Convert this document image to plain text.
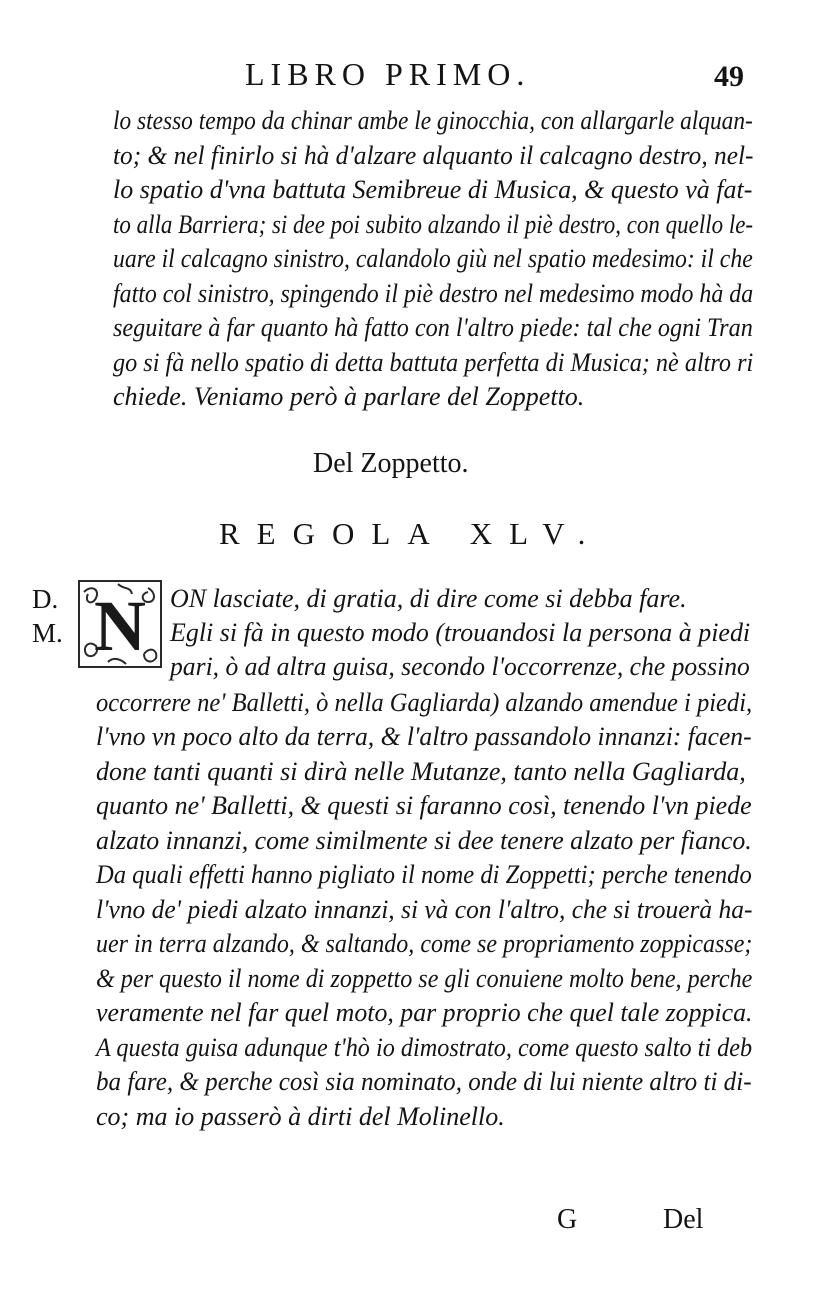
LIBRO PRIMO.	49
lo stesso tempo da chinar ambe le ginocchia, con allargarle alquan-
to; & nel finirlo si hà d'alzare alquanto il calcagno destro, nel-
lo spatio d'vna battuta Semibreue di Musica, & questo và fat-
to alla Barriera; si dee poi subito alzando il piè destro, con quello le-
uare il calcagno sinistro, calandolo giù nel spatio medesimo: il che
fatto col sinistro, spingendo il piè destro nel medesimo modo hà da
seguitare à far quanto hà fatto con l'altro piede: tal che ogni Tran
go si fà nello spatio di detta battuta perfetta di Musica; nè altro ri
chiede. Veniamo però à parlare del Zoppetto.
Del Zoppetto.
REGOLA XLV.
D.
M. N ON lasciate, di gratia, di dire come si debba fare.
Egli si fà in questo modo (trouandosi la persona à piedi
pari, ò ad altra guisa, secondo l'occorrenze, che possino
occorrere ne' Balletti, ò nella Gagliarda) alzando amendue i piedi,
l'vno vn poco alto da terra, & l'altro passandolo innanzi: facen-
done tanti quanti si dirà nelle Mutanze, tanto nella Gagliarda,
quanto ne' Balletti, & questi si faranno così, tenendo l'vn piede
alzato innanzi, come similmente si dee tenere alzato per fianco.
Da quali effetti hanno pigliato il nome di Zoppetti; perche tenendo
l'vno de' piedi alzato innanzi, si và con l'altro, che si trouerà ha-
uer in terra alzando, & saltando, come se propriamento zoppicasse;
& per questo il nome di zoppetto se gli conuiene molto bene, perche
veramente nel far quel moto, par proprio che quel tale zoppica.
A questa guisa adunque t'hò io dimostrato, come questo salto ti deb
ba fare, & perche così sia nominato, onde di lui niente altro ti di-
co; ma io passerò à dirti del Molinello.
G	Del
